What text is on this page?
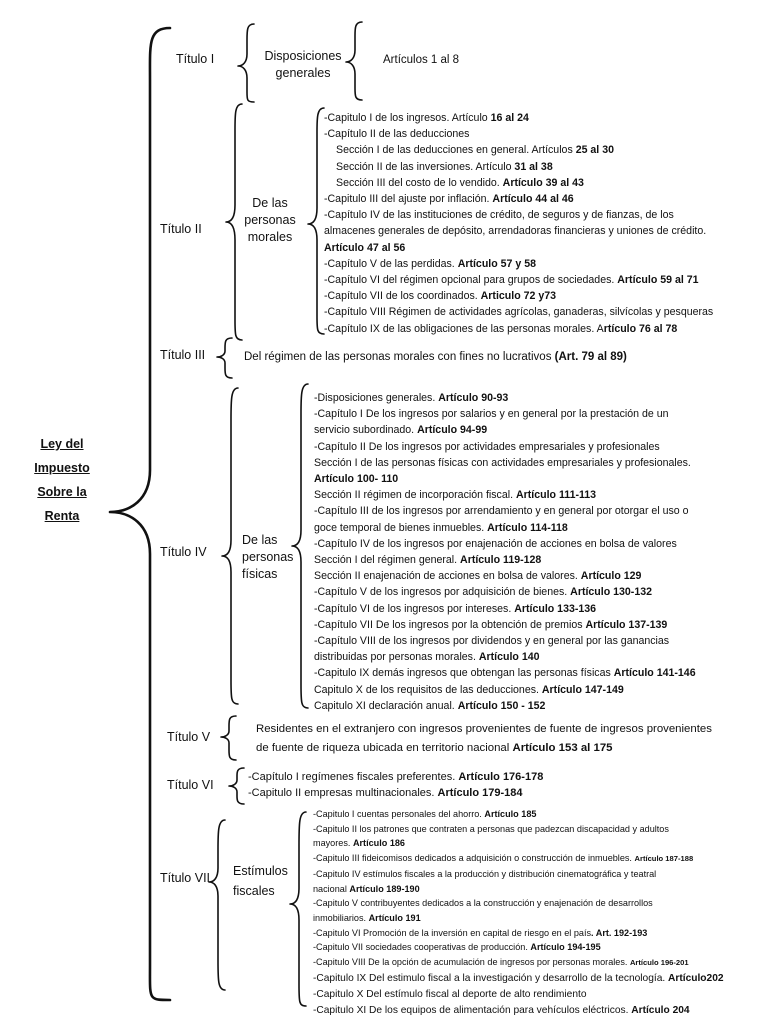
Ley del
Impuesto
Sobre la
Renta
Título I	Disposiciones
generales
Artículos 1 al 8
Título II
De las
personas
morales
-Capitulo I de los ingresos. Artículo 16 al 24
-Capítulo II de las deducciones
Sección I de las deducciones en general. Artículos 25 al 30
Sección II de las inversiones. Artículo 31 al 38
Sección III del costo de lo vendido. Artículo 39 al 43
-Capitulo III del ajuste por inflación. Artículo 44 al 46
-Capítulo IV de las instituciones de crédito, de seguros y de fianzas, de los
almacenes generales de depósito, arrendadoras financieras y uniones de crédito.
Artículo 47 al 56
-Capítulo V de las perdidas. Artículo 57 y 58
-Capítulo VI del régimen opcional para grupos de sociedades. Artículo 59 al 71
-Capítulo VII de los coordinados. Articulo 72 y73
-Capítulo VIII Régimen de actividades agrícolas, ganaderas, silvícolas y pesqueras
-Capítulo IX de las obligaciones de las personas morales. Artículo 76 al 78
Título III	Del régimen de las personas morales con fines no lucrativos (Art. 79 al 89)
Título IV
De las
personas
físicas
-Disposiciones generales. Artículo 90-93
-Capítulo I De los ingresos por salarios y en general por la prestación de un
servicio subordinado. Artículo 94-99
-Capítulo II De los ingresos por actividades empresariales y profesionales
Sección I de las personas físicas con actividades empresariales y profesionales.
Artículo 100- 110
Sección II régimen de incorporación fiscal. Artículo 111-113
-Capítulo III de los ingresos por arrendamiento y en general por otorgar el uso o
goce temporal de bienes inmuebles. Artículo 114-118
-Capítulo IV de los ingresos por enajenación de acciones en bolsa de valores
Sección I del régimen general. Artículo 119-128
Sección II enajenación de acciones en bolsa de valores. Artículo 129
-Capítulo V de los ingresos por adquisición de bienes. Artículo 130-132
-Capítulo VI de los ingresos por intereses. Artículo 133-136
-Capítulo VII De los ingresos por la obtención de premios Artículo 137-139
-Capítulo VIII de los ingresos por dividendos y en general por las ganancias
distribuidas por personas morales. Artículo 140
-Capitulo IX demás ingresos que obtengan las personas físicas Artículo 141-146
Capitulo X de los requisitos de las deducciones. Artículo 147-149
Capitulo XI declaración anual. Artículo 150 - 152
Título V
Residentes en el extranjero con ingresos provenientes de fuente de ingresos provenientes
de fuente de riqueza ubicada en territorio nacional Artículo 153 al 175
Título VI
-Capítulo I regímenes fiscales preferentes. Artículo 176-178
-Capitulo II empresas multinacionales. Artículo 179-184
Título VII Estímulos
fiscales
-Capitulo I cuentas personales del ahorro. Artículo 185
-Capitulo II los patrones que contraten a personas que padezcan discapacidad y adultos
mayores. Artículo 186
-Capitulo III fideicomisos dedicados a adquisición o construcción de inmuebles. Artículo 187-188
-Capitulo IV estímulos fiscales a la producción y distribución cinematográfica y teatral
nacional Artículo 189-190
-Capitulo V contribuyentes dedicados a la construcción y enajenación de desarrollos
inmobiliarios. Artículo 191
-Capitulo VI Promoción de la inversión en capital de riesgo en el país. Art. 192-193
-Capitulo VII sociedades cooperativas de producción. Artículo 194-195
-Capitulo VIII De la opción de acumulación de ingresos por personas morales. Artículo 196-201
-Capitulo IX Del estimulo fiscal a la investigación y desarrollo de la tecnología. Artículo202
-Capitulo X Del estímulo fiscal al deporte de alto rendimiento
-Capitulo XI De los equipos de alimentación para vehículos eléctricos. Artículo 204
